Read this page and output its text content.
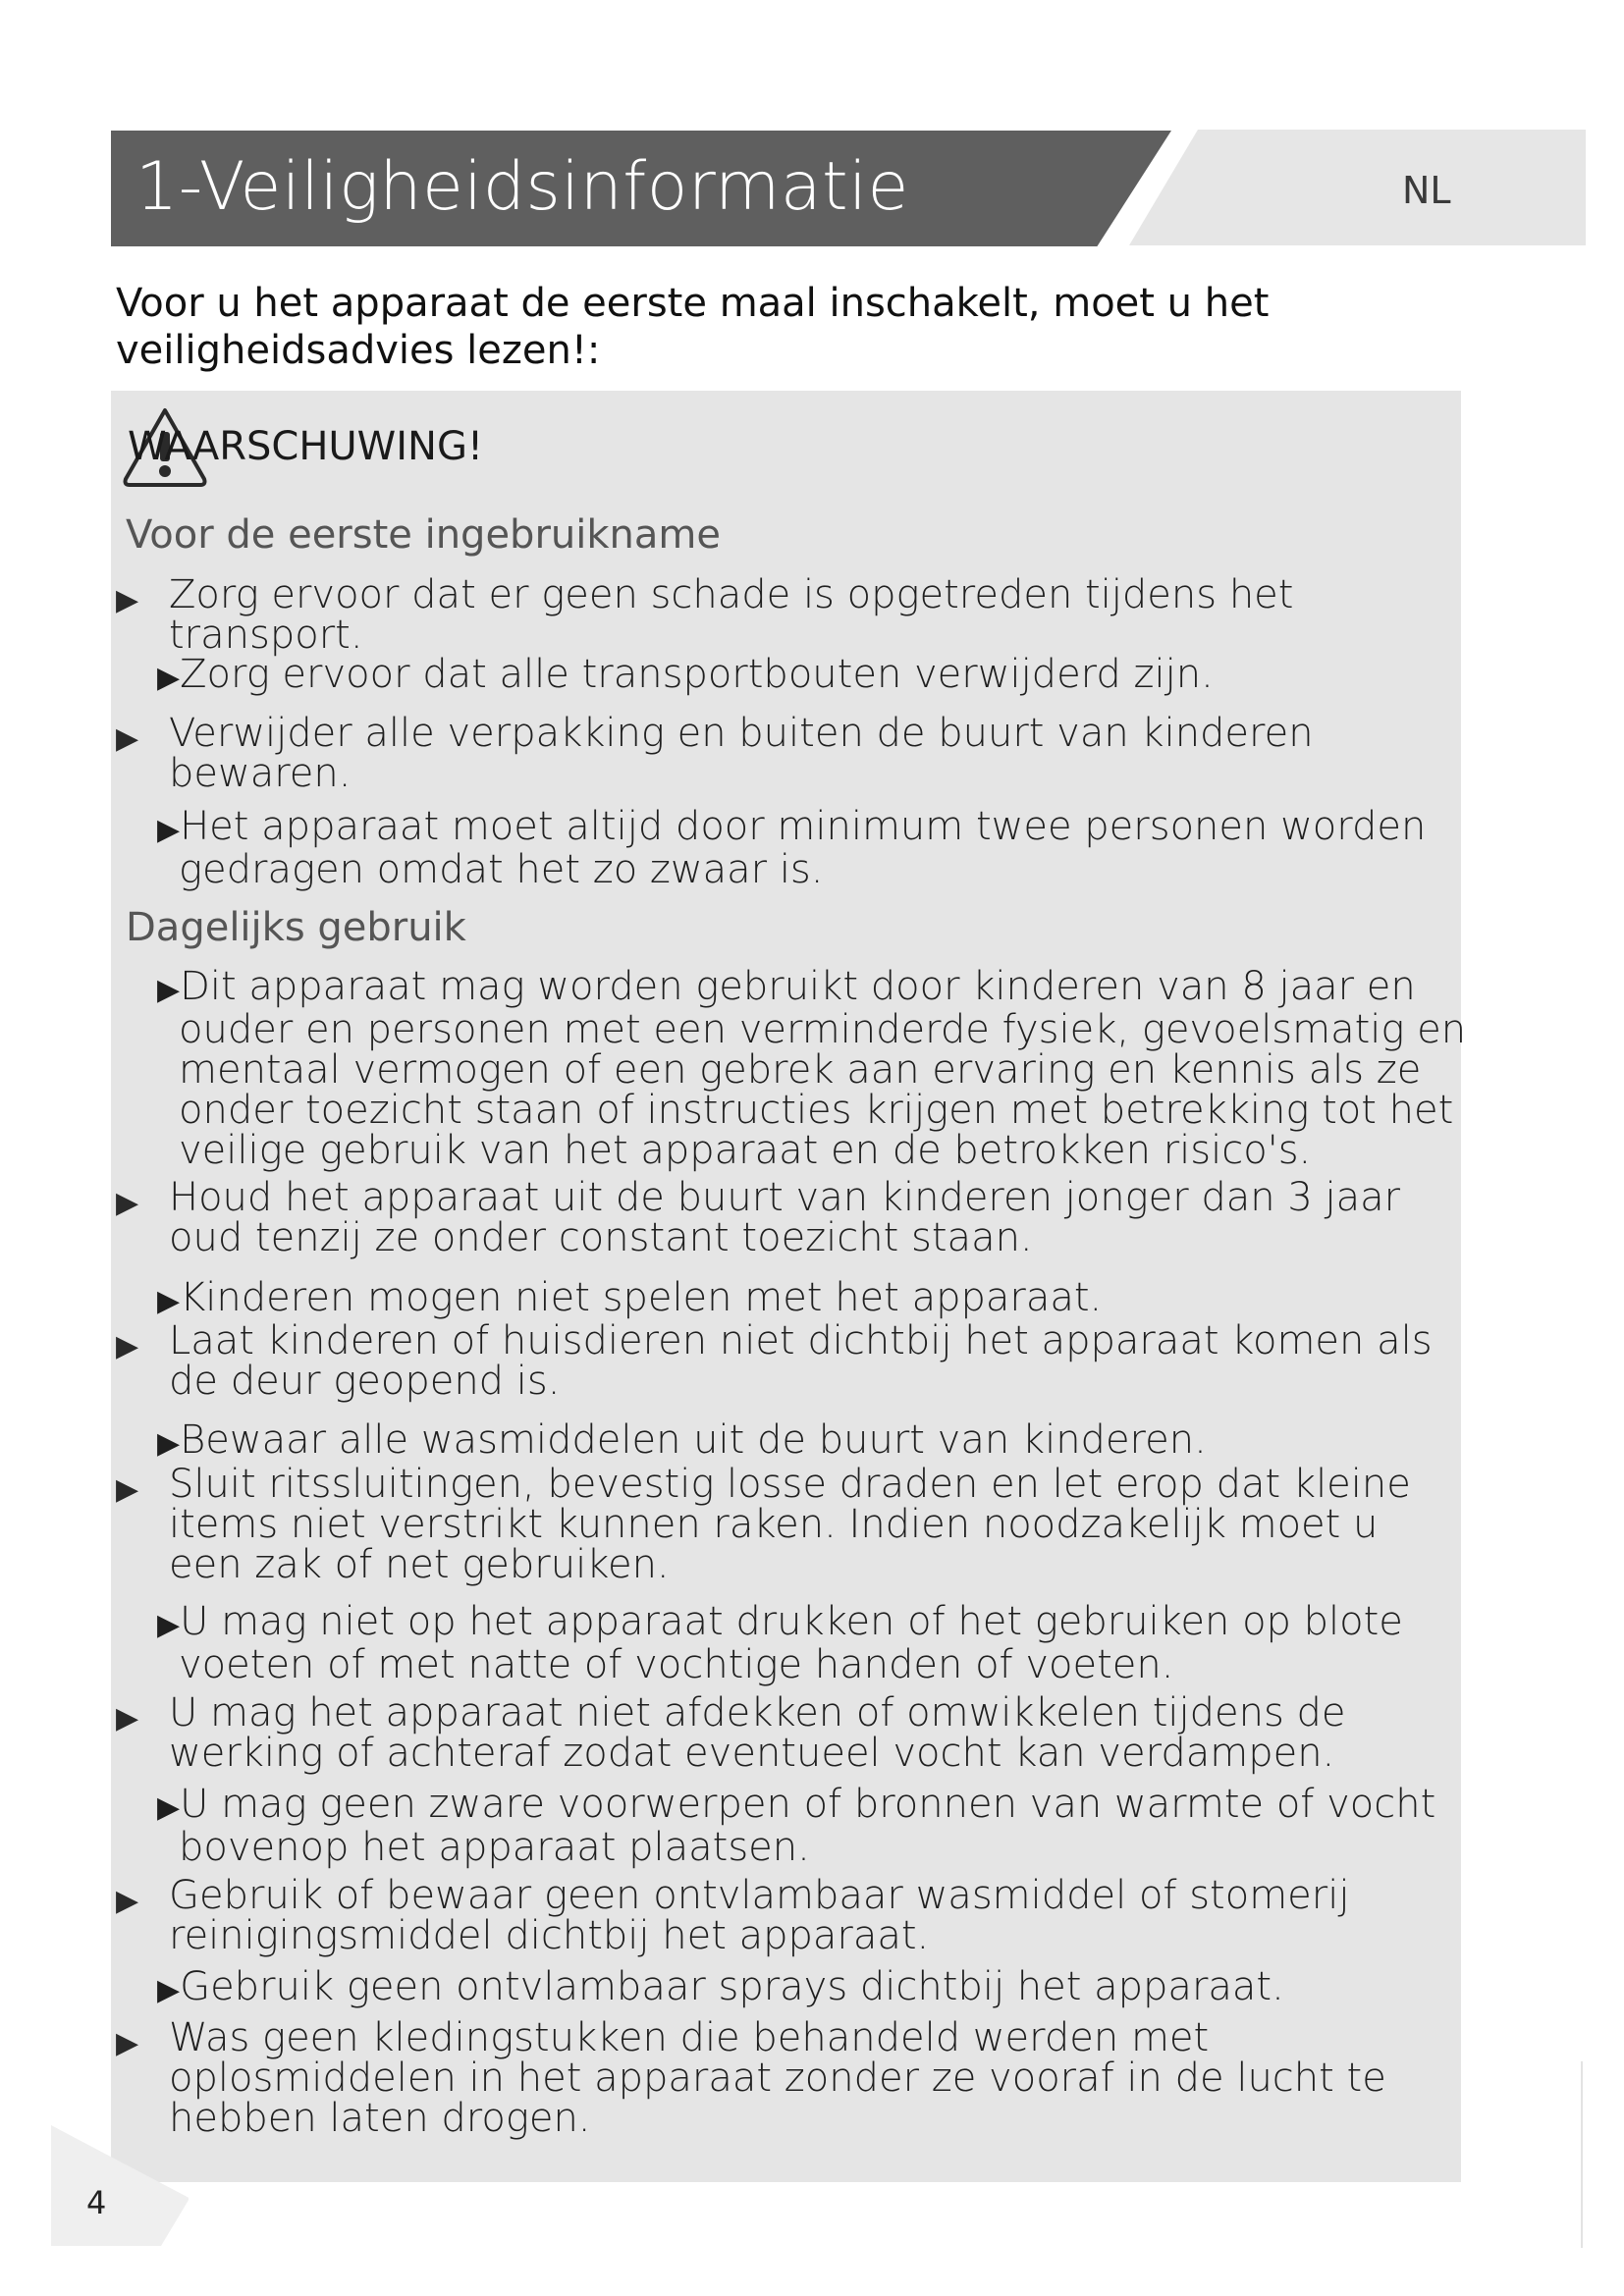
1-Veiligheidsinformatie	NL
Voor u het apparaat de eerste maal inschakelt, moet u het veiligheidsadvies lezen!:
WAARSCHUWING!
Voor de eerste ingebruikname
▶ Zorg ervoor dat er geen schade is opgetreden tijdens het transport.
▶Zorg ervoor dat alle transportbouten verwijderd zijn.
▶ Verwijder alle verpakking en buiten de buurt van kinderen bewaren.
▶Het apparaat moet altijd door minimum twee personen worden gedragen omdat het zo zwaar is.
Dagelijks gebruik
▶Dit apparaat mag worden gebruikt door kinderen van 8 jaar en ouder en personen met een verminderde fysiek, gevoelsmatig en mentaal vermogen of een gebrek aan ervaring en kennis als ze onder toezicht staan of instructies krijgen met betrekking tot het veilige gebruik van het apparaat en de betrokken risico's.
▶ Houd het apparaat uit de buurt van kinderen jonger dan 3 jaar oud tenzij ze onder constant toezicht staan.
▶Kinderen mogen niet spelen met het apparaat.
▶ Laat kinderen of huisdieren niet dichtbij het apparaat komen als de deur geopend is.
▶Bewaar alle wasmiddelen uit de buurt van kinderen.
▶ Sluit ritssluitingen, bevestig losse draden en let erop dat kleine items niet verstrikt kunnen raken. Indien noodzakelijk moet u een zak of net gebruiken.
▶U mag niet op het apparaat drukken of het gebruiken op blote voeten of met natte of vochtige handen of voeten.
▶ U mag het apparaat niet afdekken of omwikkelen tijdens de werking of achteraf zodat eventueel vocht kan verdampen.
▶U mag geen zware voorwerpen of bronnen van warmte of vocht bovenop het apparaat plaatsen.
▶ Gebruik of bewaar geen ontvlambaar wasmiddel of stomerij reinigingsmiddel dichtbij het apparaat.
▶Gebruik geen ontvlambaar sprays dichtbij het apparaat.
▶ Was geen kledingstukken die behandeld werden met oplosmiddelen in het apparaat zonder ze vooraf in de lucht te hebben laten drogen.
4
